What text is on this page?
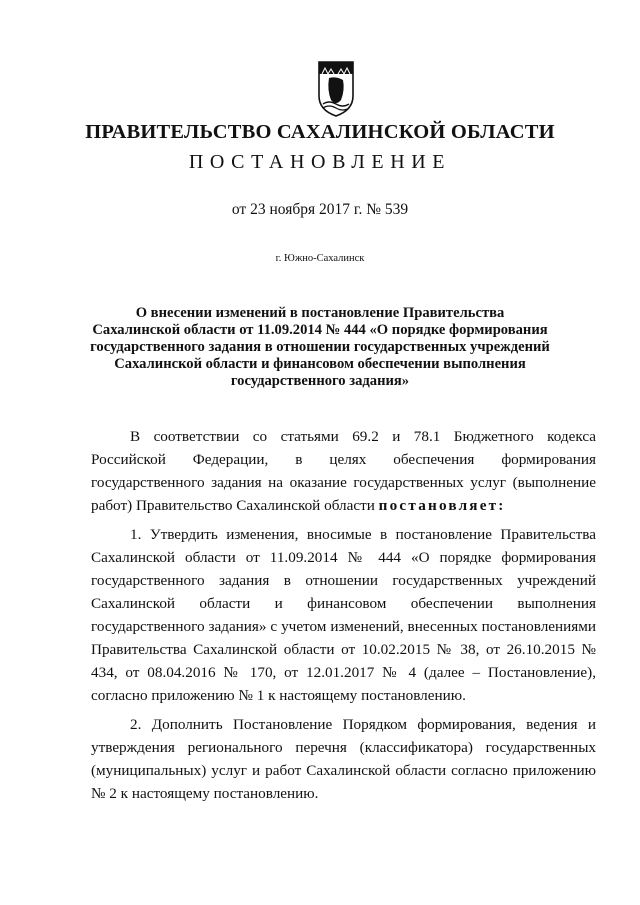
ПРАВИТЕЛЬСТВО САХАЛИНСКОЙ ОБЛАСТИ
ПОСТАНОВЛЕНИЕ
от 23 ноября 2017 г. № 539
г. Южно-Сахалинск
О внесении изменений в постановление Правительства Сахалинской области от 11.09.2014 № 444 «О порядке формирования государственного задания в отношении государственных учреждений Сахалинской области и финансовом обеспечении выполнения государственного задания»

В соответствии со статьями 69.2 и 78.1 Бюджетного кодекса Российской Федерации, в целях обеспечения формирования государственного задания на оказание государственных услуг (выполнение работ) Правительство Сахалинской области постановляет:

1. Утвердить изменения, вносимые в постановление Правительства Сахалинской области от 11.09.2014 № 444 «О порядке формирования государственного задания в отношении государственных учреждений Сахалинской области и финансовом обеспечении выполнения государственного задания» с учетом изменений, внесенных постановлениями Правительства Сахалинской области от 10.02.2015 № 38, от 26.10.2015 № 434, от 08.04.2016 № 170, от 12.01.2017 № 4 (далее – Постановление), согласно приложению № 1 к настоящему постановлению.

2. Дополнить Постановление Порядком формирования, ведения и утверждения регионального перечня (классификатора) государственных (муниципальных) услуг и работ Сахалинской области согласно приложению № 2 к настоящему постановлению.
